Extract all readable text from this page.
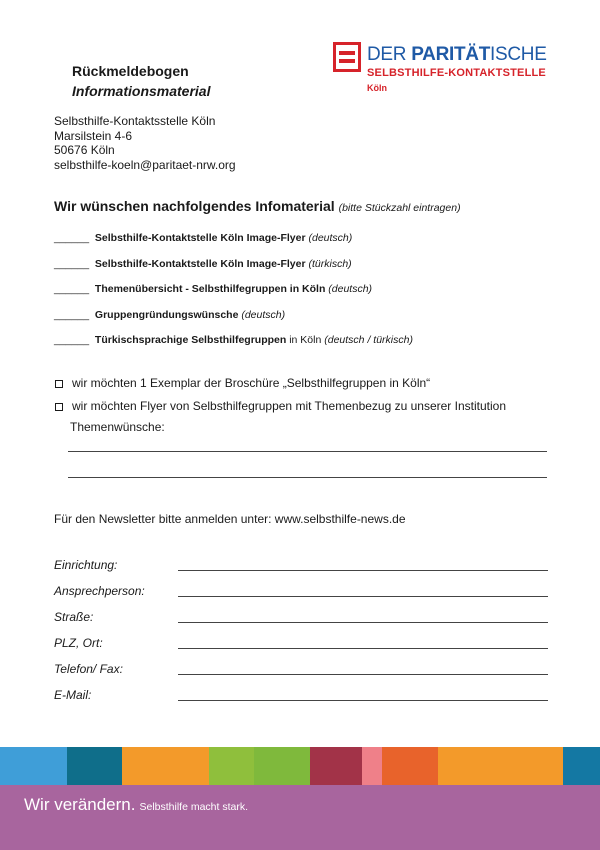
Rückmeldebogen
Informationsmaterial
DER PARITÄTISCHE
SELBSTHILFE-KONTAKTSTELLE
Köln
Selbsthilfe-Kontaktsstelle Köln
Marsilstein 4-6
50676 Köln
selbsthilfe-koeln@paritaet-nrw.org
Wir wünschen nachfolgendes Infomaterial (bitte Stückzahl eintragen)
______ Selbsthilfe-Kontaktstelle Köln Image-Flyer (deutsch)
______ Selbsthilfe-Kontaktstelle Köln Image-Flyer (türkisch)
______ Themenübersicht - Selbsthilfegruppen in Köln (deutsch)
______ Gruppengründungswünsche (deutsch)
______ Türkischsprachige Selbsthilfegruppen in Köln (deutsch / türkisch)
wir möchten 1 Exemplar der Broschüre „Selbsthilfegruppen in Köln“
wir möchten Flyer von Selbsthilfegruppen mit Themenbezug zu unserer Institution
Themenwünsche:
Für den Newsletter bitte anmelden unter: www.selbsthilfe-news.de
Einrichtung:
Ansprechperson:
Straße:
PLZ, Ort:
Telefon/ Fax:
E-Mail:
Wir verändern. Selbsthilfe macht stark.
